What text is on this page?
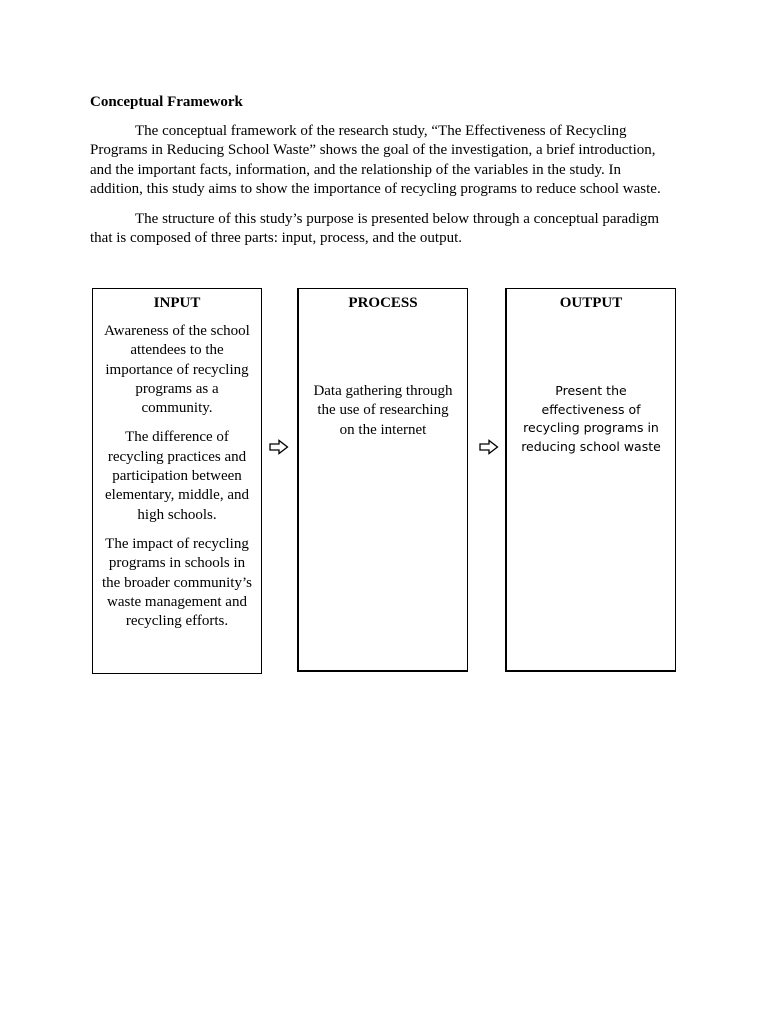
Conceptual Framework

The conceptual framework of the research study, “The Effectiveness of Recycling Programs in Reducing School Waste” shows the goal of the investigation, a brief introduction, and the important facts, information, and the relationship of the variables in the study. In addition, this study aims to show the importance of recycling programs to reduce school waste.

The structure of this study’s purpose is presented below through a conceptual paradigm that is composed of three parts: input, process, and the output.

INPUT

Awareness of the school attendees to the importance of recycling programs as a community.

The difference of recycling practices and participation between elementary, middle, and high schools.

The impact of recycling programs in schools in the broader community’s waste management and recycling efforts.

PROCESS
Data gathering through the use of researching on the internet
OUTPUT
Present the effectiveness of recycling programs in reducing school waste
